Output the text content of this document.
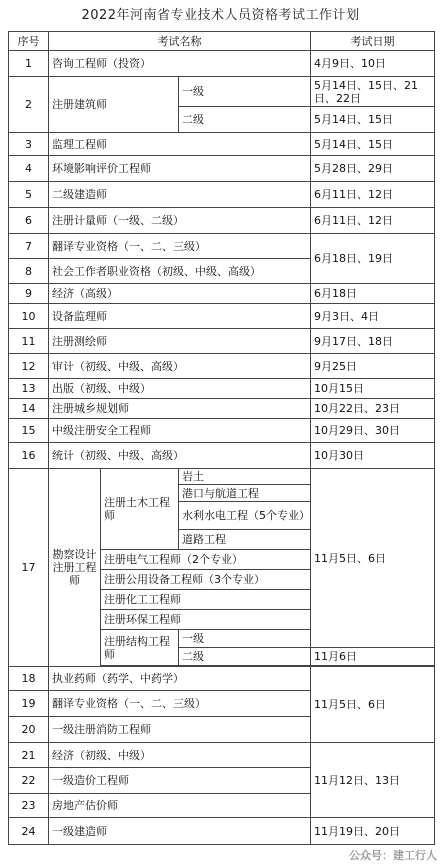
2022年河南省专业技术人员资格考试工作计划
序号	考试名称			考试日期
1	咨询工程师（投资）			4月9日、10日
2	注册建筑师		一级	5月14日、15日、21日、22日
			二级	5月14日、15日
3	监理工程师			5月14日、15日
4	环境影响评价工程师			5月28日、29日
5	二级建造师			6月11日、12日
6	注册计量师（一级、二级）			6月11日、12日
7	翻译专业资格（一、二、三级）			6月18日、19日
8	社会工作者职业资格（初级、中级、高级）			
9	经济（高级）			6月18日
10	设备监理师			9月3日、4日
11	注册测绘师			9月17日、18日
12	审计（初级、中级、高级）			9月25日
13	出版（初级、中级）			10月15日
14	注册城乡规划师			10月22日、23日
15	中级注册安全工程师			10月29日、30日
16	统计（初级、中级、高级）			10月30日
17	勘察设计注册工程师	注册土木工程师	岩土	11月5日、6日
			港口与航道工程	
			水利水电工程（5个专业）	
			道路工程	
		注册电气工程师（2个专业）		
		注册公用设备工程师（3个专业）		
		注册化工工程师		
		注册环保工程师		
		注册结构工程师	一级	
			二级	11月6日

18	执业药师（药学、中药学）			11月5日、6日
19	翻译专业资格（一、二、三级）			
20	一级注册消防工程师			
21	经济（初级、中级）			11月12日、13日
22	一级造价工程师			
23	房地产估价师			
24	一级建造师			11月19日、20日
公众号：建工行人
